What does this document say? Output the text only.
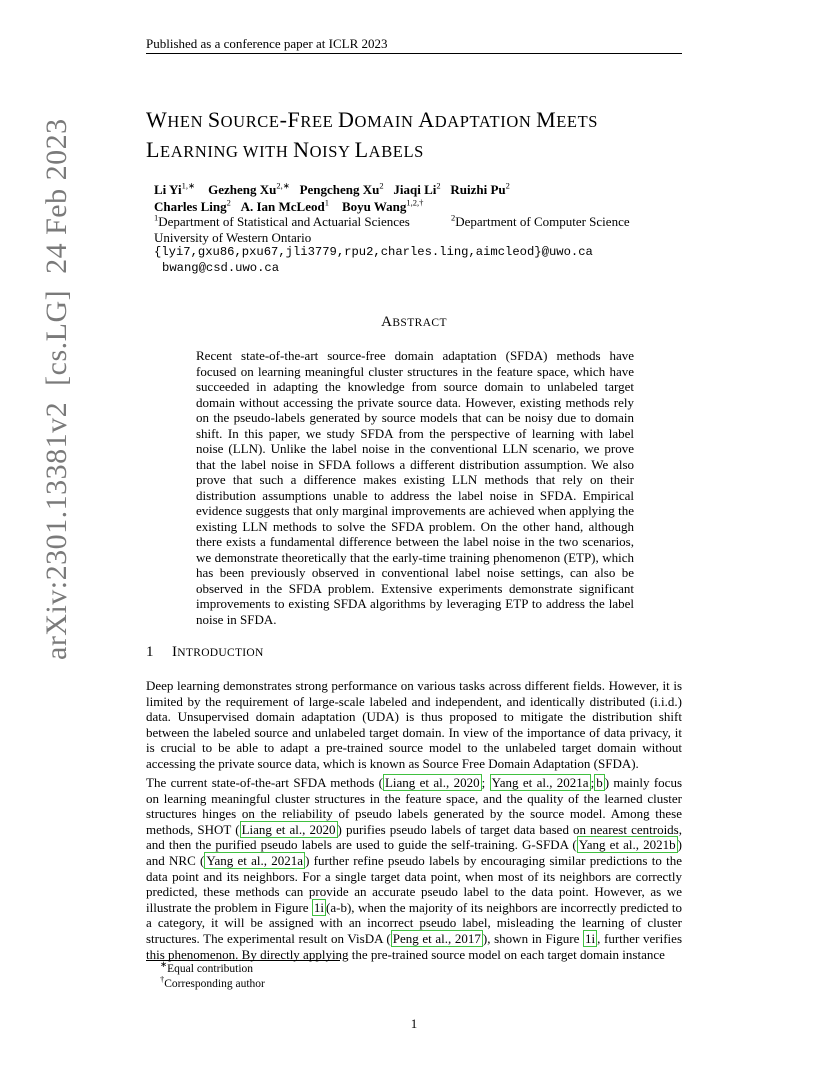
Published as a conference paper at ICLR 2023
WHEN SOURCE-FREE DOMAIN ADAPTATION MEETS
LEARNING WITH NOISY LABELS
Li $Yi^{1,∗}$ Gezheng $Xu^{2,∗}$ Pengcheng Xu$^2$ Jiaqi Li$^2$ Ruizhi Pu$^2$
Charles Ling$^2$ A. Ian McLeod$^1$ Boyu Wang$^{1,2,\dagger}$
$^1$Department of Statistical and Actuarial Sciences	$^2$Department of Computer Science
University of Western Ontario
{lyi7,gxu86,pxu67,jli3779,rpu2,charles.ling,aimcleod}@uwo.ca
bwang@csd.uwo.ca
ABSTRACT
Recent state-of-the-art source-free domain adaptation (SFDA) methods have focused on learning meaningful cluster structures in the feature space, which have succeeded in adapting the knowledge from source domain to unlabeled target domain without accessing the private source data. However, existing methods rely on the pseudo-labels generated by source models that can be noisy due to domain shift. In this paper, we study SFDA from the perspective of learning with label noise (LLN). Unlike the label noise in the conventional LLN scenario, we prove that the label noise in SFDA follows a different distribution assumption. We also prove that such a difference makes existing LLN methods that rely on their distribution assumptions unable to address the label noise in SFDA. Empirical evidence suggests that only marginal improvements are achieved when applying the existing LLN methods to solve the SFDA problem. On the other hand, although there exists a fundamental difference between the label noise in the two scenarios, we demonstrate theoretically that the early-time training phenomenon (ETP), which has been previously observed in conventional label noise settings, can also be observed in the SFDA problem. Extensive experiments demonstrate significant improvements to existing SFDA algorithms by leveraging ETP to address the label noise in SFDA.
1 INTRODUCTION
Deep learning demonstrates strong performance on various tasks across different fields. However, it is limited by the requirement of large-scale labeled and independent, and identically distributed (i.i.d.) data. Unsupervised domain adaptation (UDA) is thus proposed to mitigate the distribution shift between the labeled source and unlabeled target domain. In view of the importance of data privacy, it is crucial to be able to adapt a pre-trained source model to the unlabeled target domain without accessing the private source data, which is known as Source Free Domain Adaptation (SFDA).
The current state-of-the-art SFDA methods ( Liang et al., 2020 ; Yang et al., 2021a ; b ) mainly focus on learning meaningful cluster structures in the feature space, and the quality of the learned cluster structures hinges on the reliability of pseudo labels generated by the source model. Among these methods, SHOT ( Liang et al., 2020 ) purifies pseudo labels of target data based on nearest centroids, and then the purified pseudo labels are used to guide the self-training. G-SFDA ( Yang et al., 2021b ) and NRC ( Yang et al., 2021a ) further refine pseudo labels by encouraging similar predictions to the data point and its neighbors. For a single target data point, when most of its neighbors are correctly predicted, these methods can provide an accurate pseudo label to the data point. However, as we illustrate the problem in Figure 1i (a-b), when the majority of its neighbors are incorrectly predicted to a category, it will be assigned with an incorrect pseudo label, misleading the learning of cluster structures. The experimental result on VisDA ( Peng et al., 2017 ), shown in Figure 1i , further verifies this phenomenon. By directly applying the pre-trained source model on each target domain instance
∗Equal contribution
†Corresponding author
1
arXiv:2301.13381v2  [cs.LG]  24 Feb 2023
